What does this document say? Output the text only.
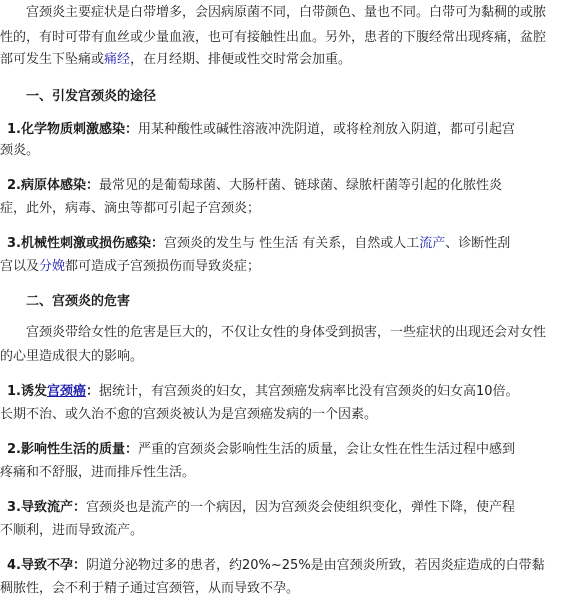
宫颈炎主要症状是白带增多，会因病原菌不同，白带颜色、量也不同。白带可为黏稠的或脓
性的，有时可带有血丝或少量血液，也可有接触性出血。另外，患者的下腹经常出现疼痛，盆腔
部可发生下坠痛或痛经，在月经期、排便或性交时常会加重。
一、引发宫颈炎的途径
1.化学物质刺激感染：用某种酸性或碱性溶液冲洗阴道，或将栓剂放入阴道，都可引起宫
颈炎。
2.病原体感染：最常见的是葡萄球菌、大肠杆菌、链球菌、绿脓杆菌等引起的化脓性炎
症，此外，病毒、滴虫等都可引起子宫颈炎；
3.机械性刺激或损伤感染：宫颈炎的发生与 性生活 有关系，自然或人工流产、诊断性刮
宫以及分娩都可造成子宫颈损伤而导致炎症；
二、宫颈炎的危害
宫颈炎带给女性的危害是巨大的，不仅让女性的身体受到损害，一些症状的出现还会对女性
的心里造成很大的影响。
1.诱发宫颈癌：据统计，有宫颈炎的妇女，其宫颈癌发病率比没有宫颈炎的妇女高10倍。
长期不治、或久治不愈的宫颈炎被认为是宫颈癌发病的一个因素。
2.影响性生活的质量：严重的宫颈炎会影响性生活的质量，会让女性在性生活过程中感到
疼痛和不舒服，进而排斥性生活。
3.导致流产：宫颈炎也是流产的一个病因，因为宫颈炎会使组织变化，弹性下降，使产程
不顺利，进而导致流产。
4.导致不孕：阴道分泌物过多的患者，约20%~25%是由宫颈炎所致，若因炎症造成的白带黏
稠脓性，会不利于精子通过宫颈管，从而导致不孕。
